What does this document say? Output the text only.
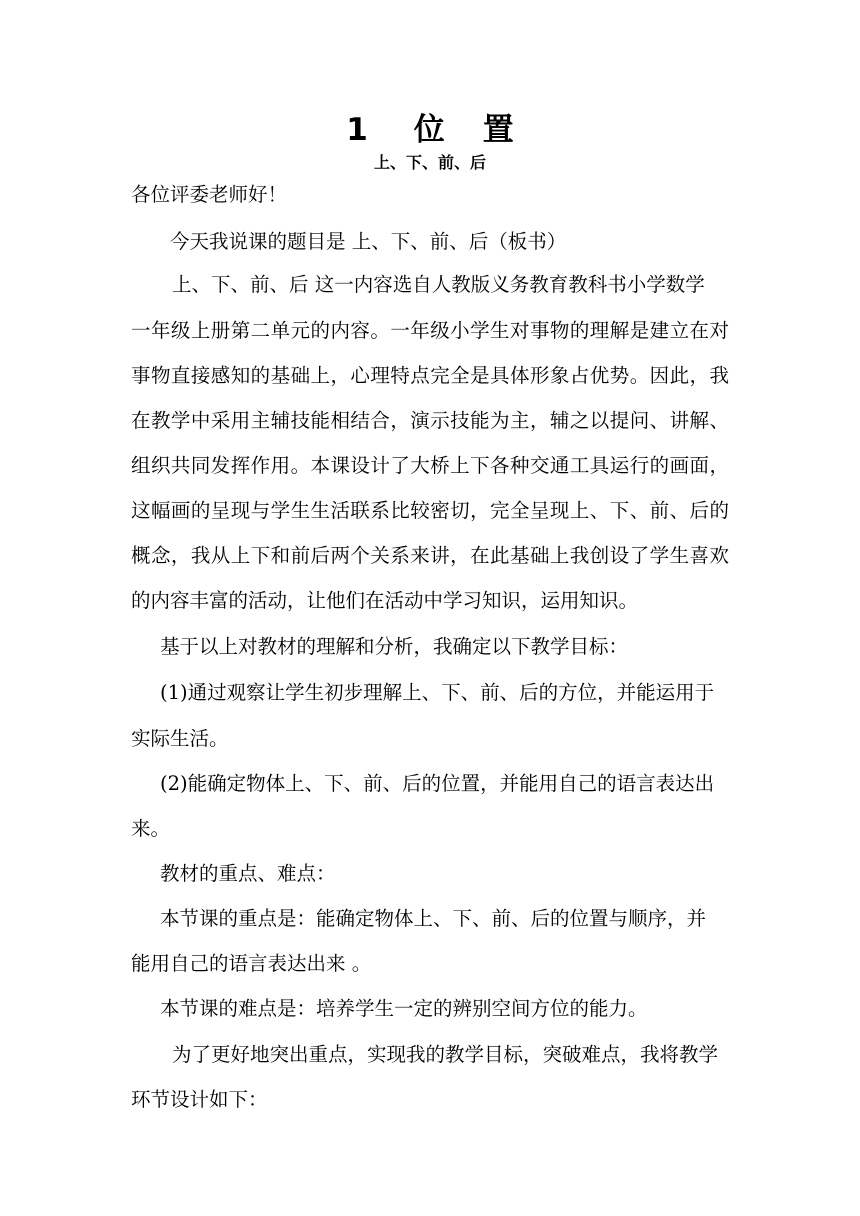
1 位 置
上、下、前、后
各位评委老师好！
今天我说课的题目是 上、下、前、后（板书）
上、下、前、后 这一内容选自人教版义务教育教科书小学数学
一年级上册第二单元的内容。一年级小学生对事物的理解是建立在对
事物直接感知的基础上，心理特点完全是具体形象占优势。因此，我
在教学中采用主辅技能相结合，演示技能为主，辅之以提问、讲解、
组织共同发挥作用。本课设计了大桥上下各种交通工具运行的画面，
这幅画的呈现与学生生活联系比较密切，完全呈现上、下、前、后的
概念，我从上下和前后两个关系来讲，在此基础上我创设了学生喜欢
的内容丰富的活动，让他们在活动中学习知识，运用知识。
基于以上对教材的理解和分析，我确定以下教学目标：
(1)通过观察让学生初步理解上、下、前、后的方位，并能运用于
实际生活。
(2)能确定物体上、下、前、后的位置，并能用自己的语言表达出
来。
教材的重点、难点：
本节课的重点是：能确定物体上、下、前、后的位置与顺序，并
能用自己的语言表达出来 。
本节课的难点是：培养学生一定的辨别空间方位的能力。
为了更好地突出重点，实现我的教学目标，突破难点，我将教学
环节设计如下：
